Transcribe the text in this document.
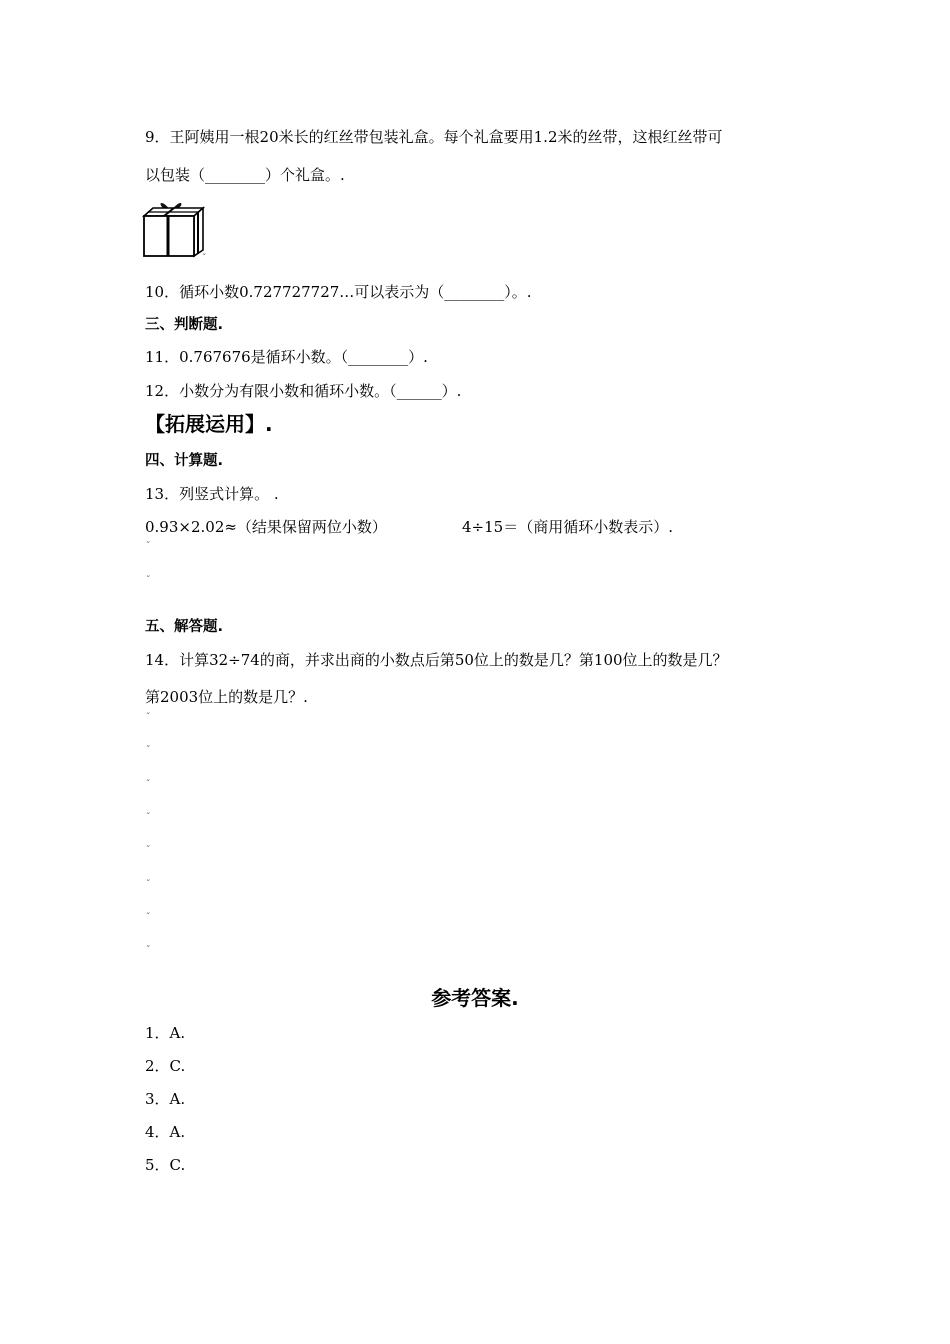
9．王阿姨用一根20米长的红丝带包装礼盒。每个礼盒要用1.2米的丝带，这根红丝带可
以包装（________）个礼盒。.
ˇ
10．循环小数0.727727727…可以表示为（________）。.
三、判断题.
11．0.767676是循环小数。（________）.
12．小数分为有限小数和循环小数。（______）.
【拓展运用】.
四、计算题.
13．列竖式计算。 .
0.93×2.02≈（结果保留两位小数）	4÷15＝（商用循环小数表示）.
ˇ
ˇ
五、解答题.
14．计算32÷74的商，并求出商的小数点后第50位上的数是几？第100位上的数是几？
第2003位上的数是几？.
ˇ
ˇ
ˇ
ˇ
ˇ
ˇ
ˇ
ˇ
参考答案.
1．A.
2．C.
3．A.
4．A.
5．C.
